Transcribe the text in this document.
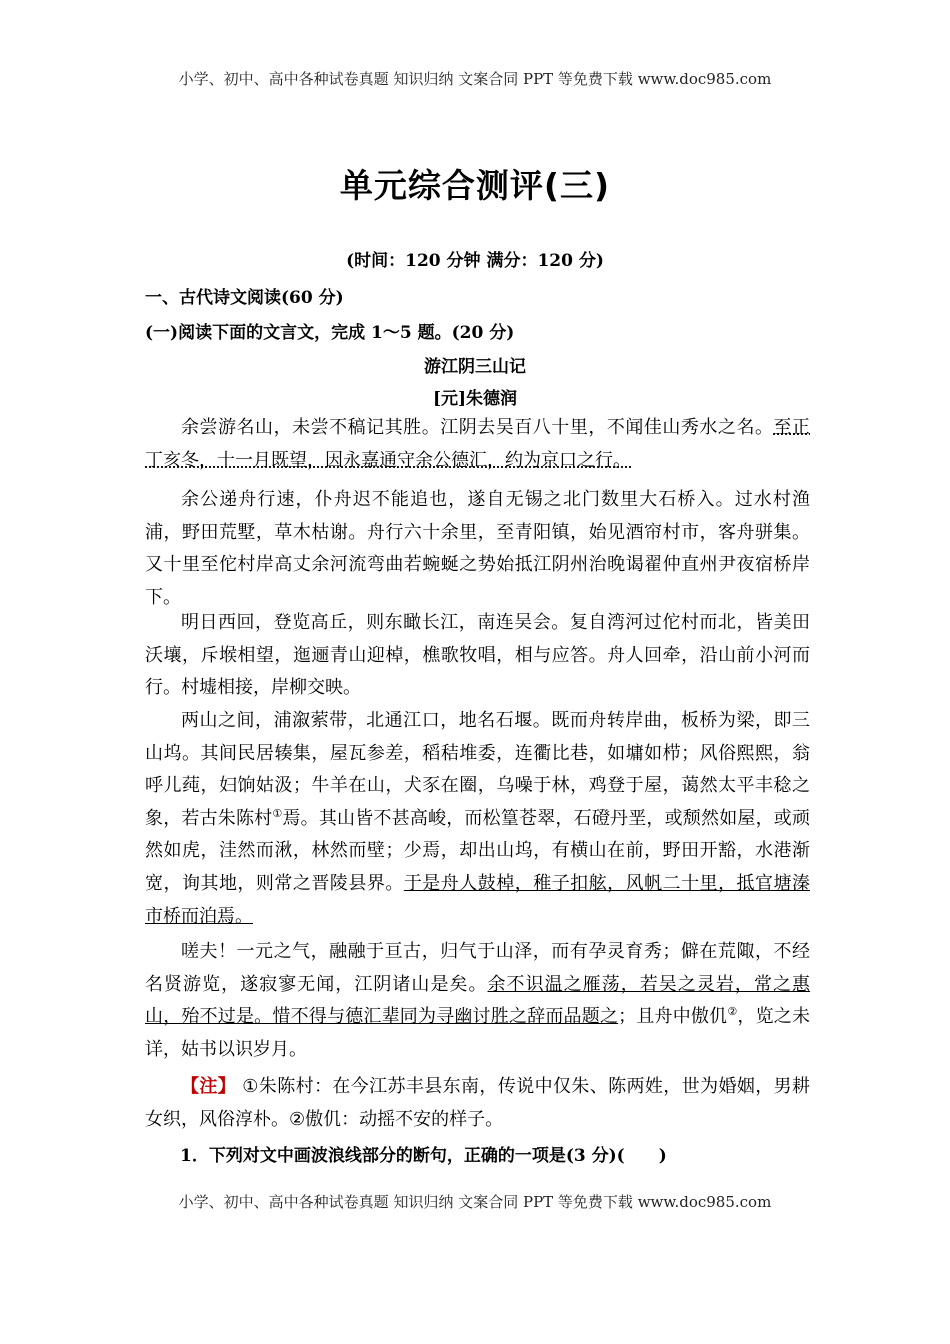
小学、初中、高中各种试卷真题 知识归纳 文案合同 PPT 等免费下载 www.doc985.com
单元综合测评(三)
(时间：120 分钟 满分：120 分)
一、古代诗文阅读(60 分)
(一)阅读下面的文言文，完成 1～5 题。(20 分)
游江阴三山记
[元]朱德润
余尝游名山，未尝不稿记其胜。江阴去吴百八十里，不闻佳山秀水之名。至正丁亥冬，十一月既望，因永嘉通守余公德汇，约为京口之行。
余公递舟行速，仆舟迟不能追也，遂自无锡之北门数里大石桥入。过水村渔浦，野田荒墅，草木枯谢。舟行六十余里，至青阳镇，始见酒帘村市，客舟骈集。又十里至佗村岸高丈余河流弯曲若蜿蜒之势始抵江阴州治晚谒翟仲直州尹夜宿桥岸下。
明日西回，登览高丘，则东瞰长江，南连吴会。复自湾河过佗村而北，皆美田沃壤，斥堠相望，迤逦青山迎棹，樵歌牧唱，相与应答。舟人回牵，沿山前小河而行。村墟相接，岸柳交映。
两山之间，浦溆萦带，北通江口，地名石堰。既而舟转岸曲，板桥为梁，即三山坞。其间民居辏集，屋瓦参差，稻秸堆委，连衢比巷，如墉如栉；风俗熙熙，翁呼儿莼，妇饷姑汲；牛羊在山，犬豕在圈，乌噪于林，鸡登于屋，蔼然太平丰稔之象，若古朱陈村①焉。其山皆不甚高峻，而松篁苍翠，石磴丹垩，或颓然如屋，或顽然如虎，洼然而湫，林然而壁；少焉，却出山坞，有横山在前，野田开豁，水港渐宽，询其地，则常之晋陵县界。于是舟人鼓棹，稚子扣舷，风帆二十里，抵官塘溱市桥而泊焉。
嗟夫！一元之气，融融于亘古，归气于山泽，而有孕灵育秀；僻在荒陬，不经名贤游览，遂寂寥无闻，江阴诸山是矣。余不识温之雁荡，若吴之灵岩，常之惠山，殆不过是。惜不得与德汇辈同为寻幽讨胜之辞而品题之；且舟中傲仉②，览之未详，姑书以识岁月。
【注】 ①朱陈村：在今江苏丰县东南，传说中仅朱、陈两姓，世为婚姻，男耕女织，风俗淳朴。②傲仉：动摇不安的样子。
1．下列对文中画波浪线部分的断句，正确的一项是(3 分)(　　)
小学、初中、高中各种试卷真题 知识归纳 文案合同 PPT 等免费下载 www.doc985.com
